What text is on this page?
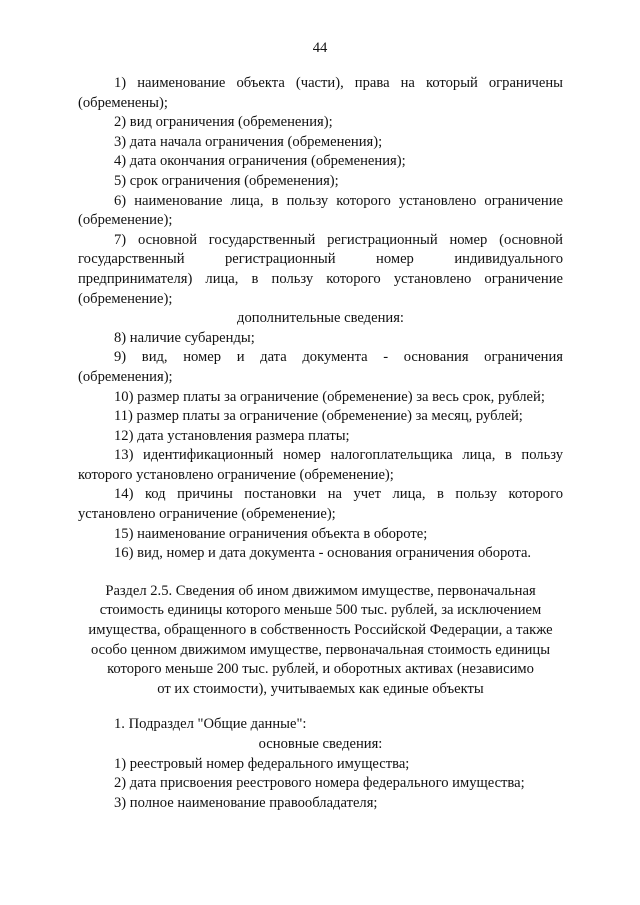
44

1) наименование объекта (части), права на который ограничены (обременены);

2) вид ограничения (обременения);

3) дата начала ограничения (обременения);

4) дата окончания ограничения (обременения);

5) срок ограничения (обременения);

6) наименование лица, в пользу которого установлено ограничение (обременение);

7) основной государственный регистрационный номер (основной государственный регистрационный номер индивидуального предпринимателя) лица, в пользу которого установлено ограничение (обременение);

дополнительные сведения:

8) наличие субаренды;

9) вид, номер и дата документа - основания ограничения (обременения);

10) размер платы за ограничение (обременение) за весь срок, рублей;

11) размер платы за ограничение (обременение) за месяц, рублей;

12) дата установления размера платы;

13) идентификационный номер налогоплательщика лица, в пользу которого установлено ограничение (обременение);

14) код причины постановки на учет лица, в пользу которого установлено ограничение (обременение);

15) наименование ограничения объекта в обороте;

16) вид, номер и дата документа - основания ограничения оборота.

Раздел 2.5. Сведения об ином движимом имуществе, первоначальная

стоимость единицы которого меньше 500 тыс. рублей, за исключением

имущества, обращенного в собственность Российской Федерации, а также

особо ценном движимом имуществе, первоначальная стоимость единицы

которого меньше 200 тыс. рублей, и оборотных активах (независимо

от их стоимости), учитываемых как единые объекты

1. Подраздел "Общие данные":

основные сведения:

1) реестровый номер федерального имущества;

2) дата присвоения реестрового номера федерального имущества;

3) полное наименование правообладателя;
